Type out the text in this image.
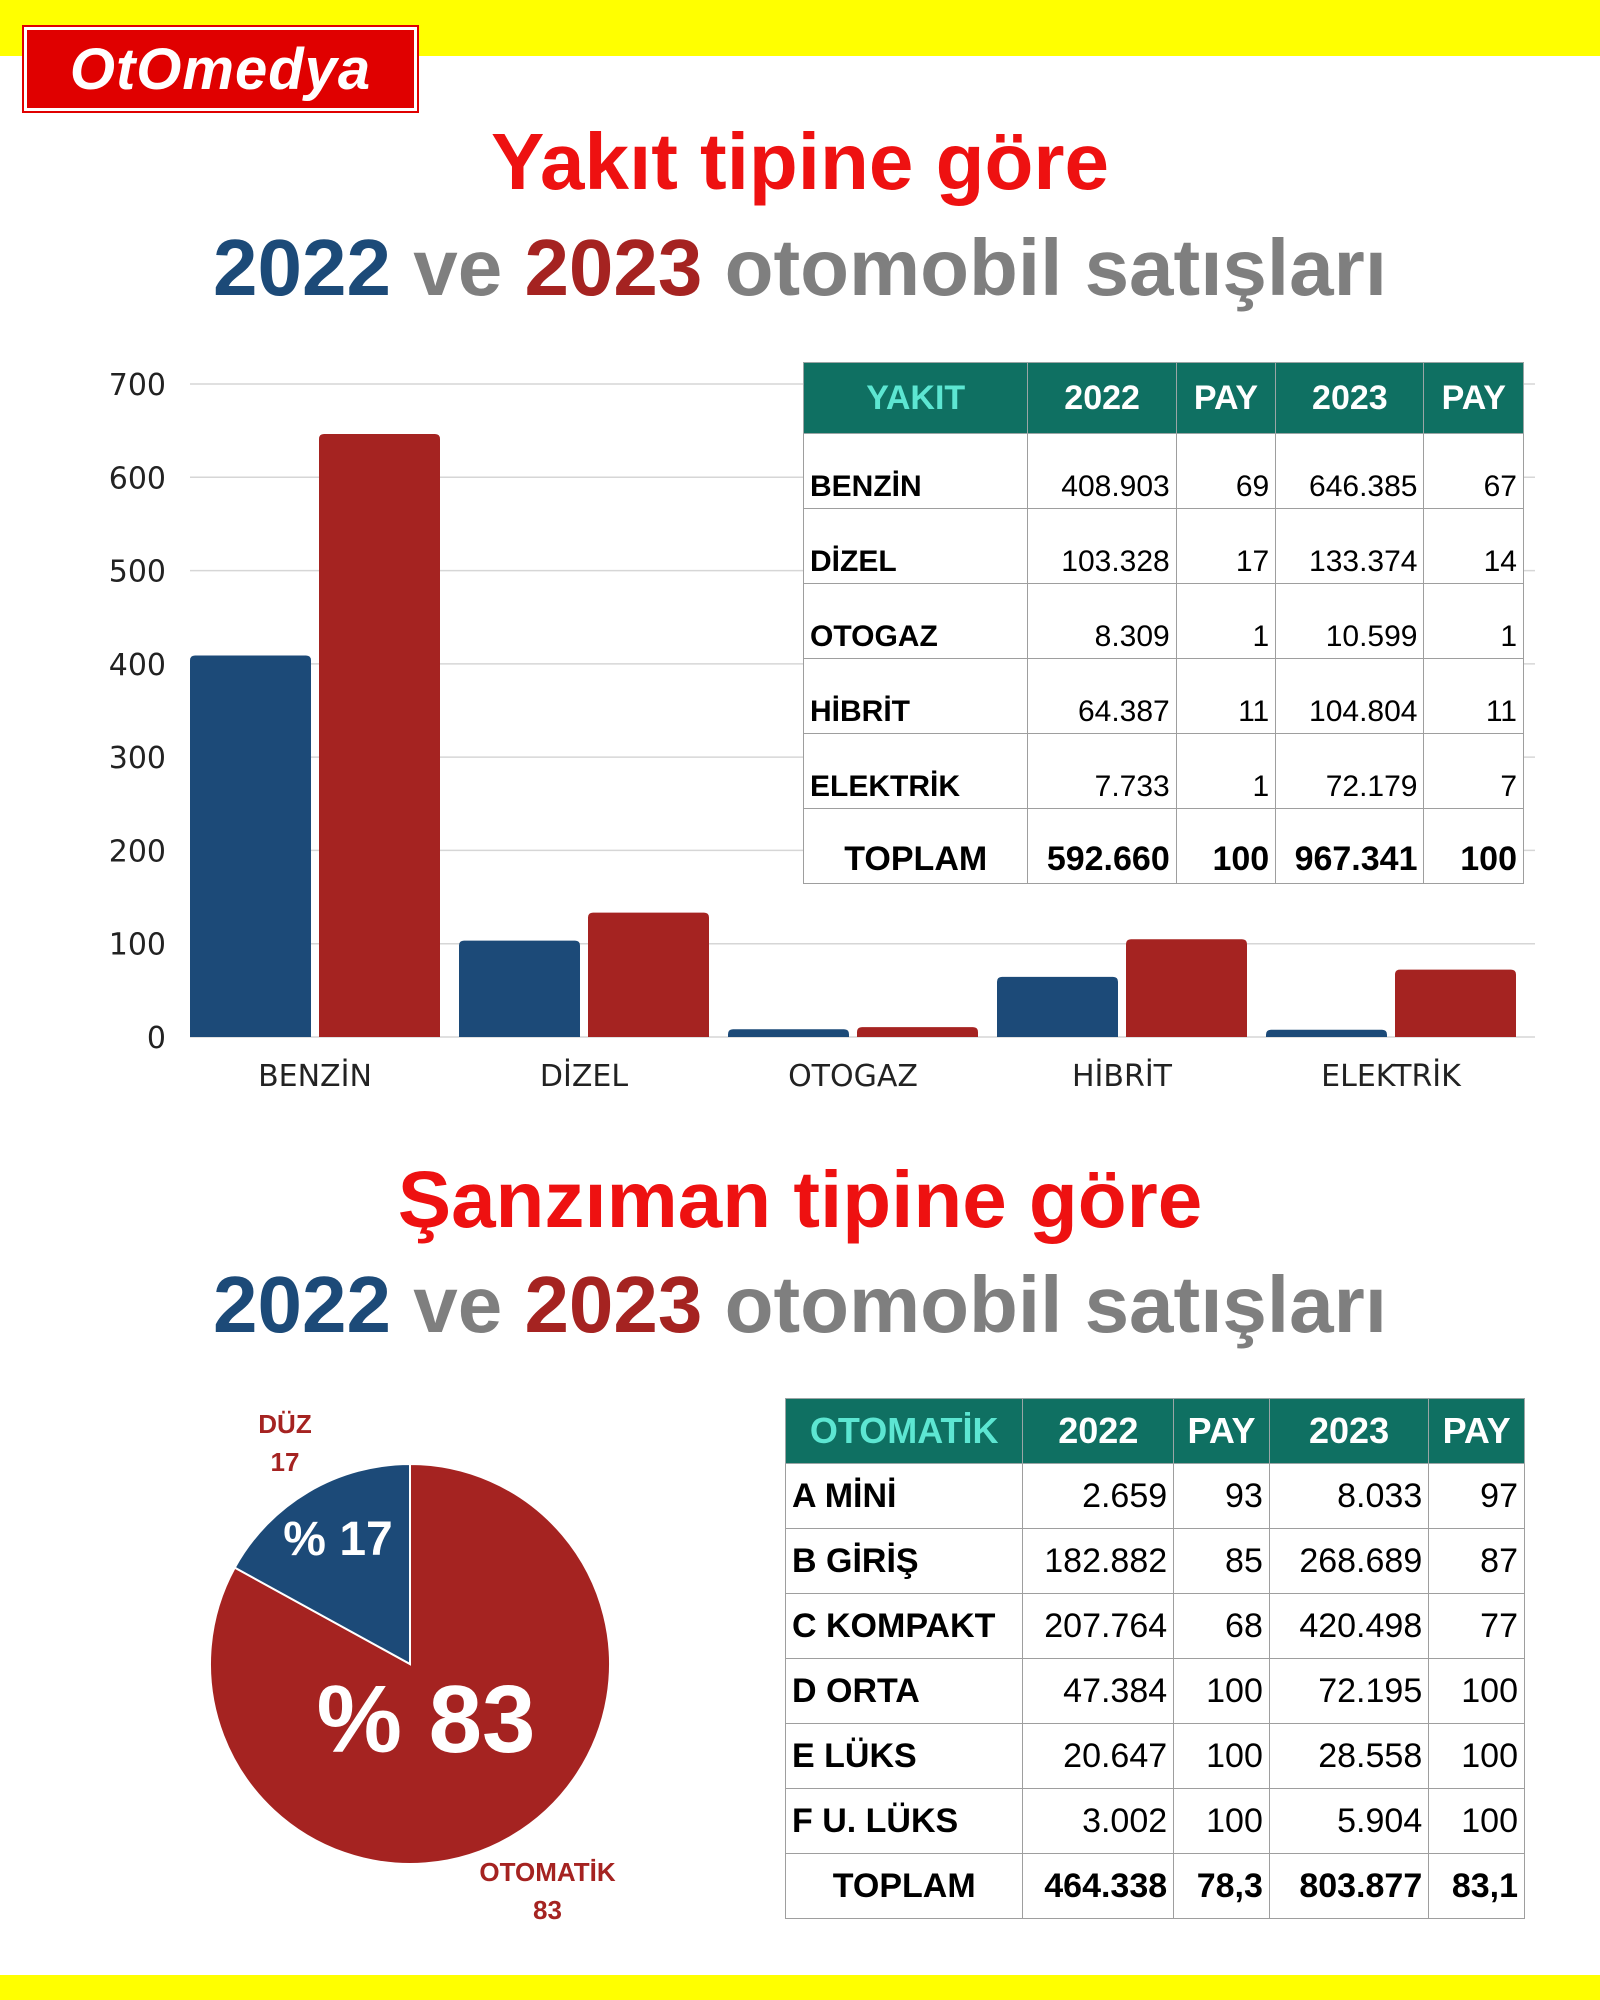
OtOmedya
Yakıt tipine göre
2022 ve 2023 otomobil satışları
0
100
200
300
400
500
600
700
BENZİN	DİZEL	OTOGAZ	HİBRİT	ELEKTRİK
YAKIT	2022	PAY	2023	PAY
BENZİN	408.903	69	646.385	67
DİZEL	103.328	17	133.374	14
OTOGAZ	8.309	1	10.599	1
HİBRİT	64.387	11	104.804	11
ELEKTRİK	7.733	1	72.179	7
TOPLAM	592.660	100	967.341	100
Şanzıman tipine göre
2022 ve 2023 otomobil satışları
DÜZ
17
OTOMATİK
83
% 17
% 83
OTOMATİK	2022	PAY	2023	PAY
A MİNİ	2.659	93	8.033	97
B GİRİŞ	182.882	85	268.689	87
C KOMPAKT	207.764	68	420.498	77
D ORTA	47.384	100	72.195	100
E LÜKS	20.647	100	28.558	100
F U. LÜKS	3.002	100	5.904	100
TOPLAM	464.338	78,3	803.877	83,1
